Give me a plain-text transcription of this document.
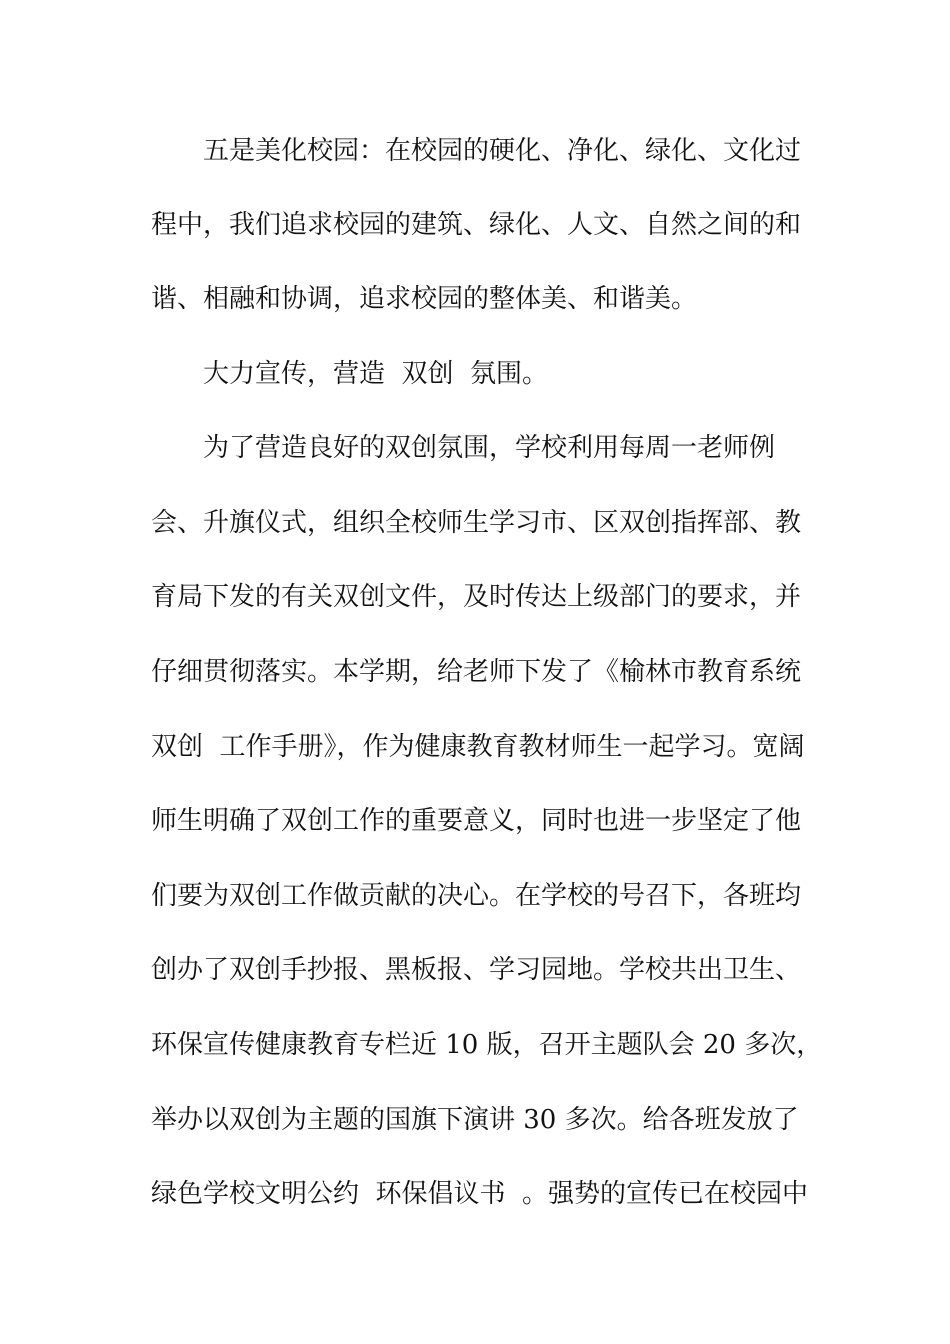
五是美化校园：在校园的硬化、净化、绿化、文化过

程中，我们追求校园的建筑、绿化、人文、自然之间的和

谐、相融和协调，追求校园的整体美、和谐美。

大力宣传，营造  双创  氛围。

为了营造良好的双创氛围，学校利用每周一老师例

会、升旗仪式，组织全校师生学习市、区双创指挥部、教

育局下发的有关双创文件，及时传达上级部门的要求，并

仔细贯彻落实。本学期，给老师下发了《榆林市教育系统

双创  工作手册》，作为健康教育教材师生一起学习。宽阔

师生明确了双创工作的重要意义，同时也进一步坚定了他

们要为双创工作做贡献的决心。在学校的号召下，各班均

创办了双创手抄报、黑板报、学习园地。学校共出卫生、

环保宣传健康教育专栏近 10 版，召开主题队会 20 多次，

举办以双创为主题的国旗下演讲 30 多次。给各班发放了

绿色学校文明公约  环保倡议书  。强势的宣传已在校园中
